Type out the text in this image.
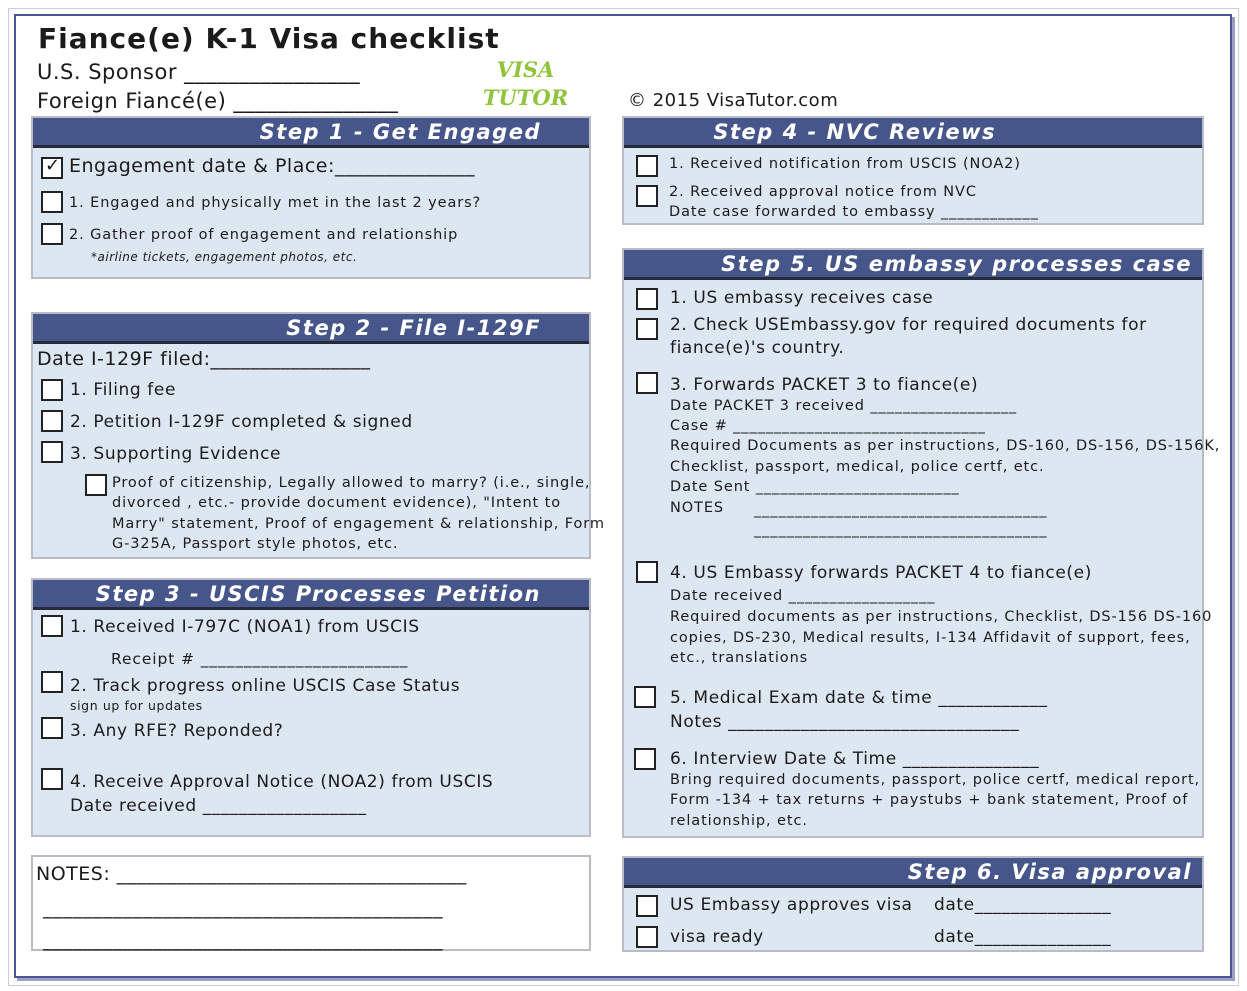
Fiance(e) K-1 Visa checklist
U.S. Sponsor ________________
Foreign Fiancé(e) _______________
VISA
TUTOR	© 2015 VisaTutor.com
Step 1 - Get Engaged
✓ Engagement date & Place:______________
1. Engaged and physically met in the last 2 years?
2. Gather proof of engagement and relationship
*airline tickets, engagement photos, etc.
Step 2 - File I-129F
Date I-129F filed:________________
1. Filing fee
2. Petition I-129F completed & signed
3. Supporting Evidence
Proof of citizenship, Legally allowed to marry? (i.e., single,
divorced , etc.- provide document evidence), "Intent to
Marry" statement, Proof of engagement & relationship, Form
G-325A, Passport style photos, etc.
Step 3 - USCIS Processes Petition
1. Received I-797C (NOA1) from USCIS
Receipt # ________________________
2. Track progress online USCIS Case Status
sign up for updates
3. Any RFE? Reponded?
4. Receive Approval Notice (NOA2) from USCIS
Date received __________________
NOTES: ___________________________________
________________________________________
________________________________________
Step 4 - NVC Reviews
1. Received notification from USCIS (NOA2)
2. Received approval notice from NVC
Date case forwarded to embassy ____________
Step 5. US embassy processes case
1. US embassy receives case
2. Check USEmbassy.gov for required documents for
fiance(e)'s country.
3. Forwards PACKET 3 to fiance(e)
Date PACKET 3 received __________________
Case # _______________________________
Required Documents as per instructions, DS-160, DS-156, DS-156K,
Checklist, passport, medical, police certf, etc.
Date Sent _________________________
NOTES ____________________________________
____________________________________
4. US Embassy forwards PACKET 4 to fiance(e)
Date received __________________
Required documents as per instructions, Checklist, DS-156 DS-160
copies, DS-230, Medical results, I-134 Affidavit of support, fees,
etc., translations
5. Medical Exam date & time ____________
Notes ________________________________
6. Interview Date & Time _______________
Bring required documents, passport, police certf, medical report,
Form -134 + tax returns + paystubs + bank statement, Proof of
relationship, etc.
Step 6. Visa approval
US Embassy approves visa date_______________
visa ready	date_______________
